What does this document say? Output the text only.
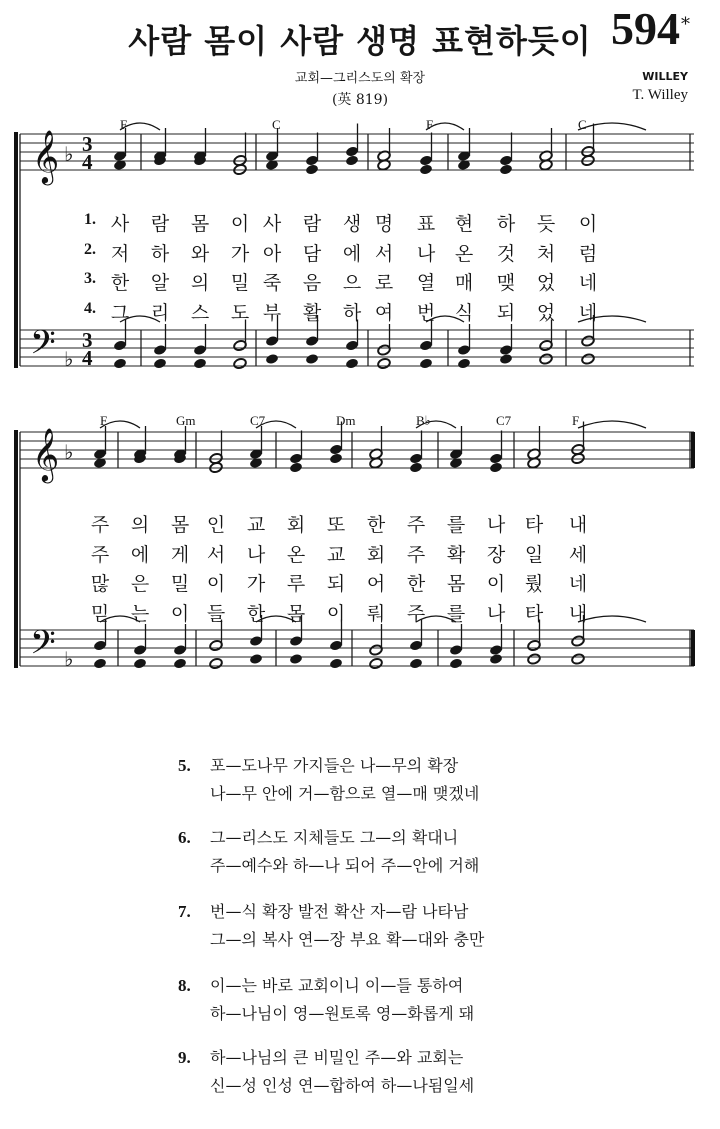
사람 몸이 사람 생명 표현하듯이
교회—그리스도의 확장
(英 819)
594 *
WILLEY
T. Willey
𝄞
𝄢
♭
♭
3
4
3
4
𝄞
𝄢
♭
♭
F	C	F	C
F	Gm	C7	Dm	B♭	C7	F
1. 사	람	몸	이 사	람	생 명	표	현	하	듯	이
2. 저	하	와	가 아	담	에 서	나	온	것	처	럼
3. 한	알	의	밀 죽	음	으 로	열	매	맺	었	네
4. 그	리	스	도 부	활	하 여	번	식	되	었	네
주	의	몸 인	교	회	또	한	주	를	나	타	내
주	에	게 서	나	온	교	회	주	확	장	일	세
많	은	밀 이	가	루	되	어	한	몸	이	뤘	네
믿	는	이 들	한	몸	이	뤄	주	를	나	타	내
5. 포—도나무 가지들은 나—무의 확장
나—무 안에 거—함으로 열—매 맺겠네
6. 그—리스도 지체들도 그—의 확대니
주—예수와 하—나 되어 주—안에 거해
7. 번—식 확장 발전 확산 자—람 나타남
그—의 복사 연—장 부요 확—대와 충만
8. 이—는 바로 교회이니 이—들 통하여
하—나님이 영—원토록 영—화롭게 돼
9. 하—나님의 큰 비밀인 주—와 교회는
신—성 인성 연—합하여 하—나됨일세
